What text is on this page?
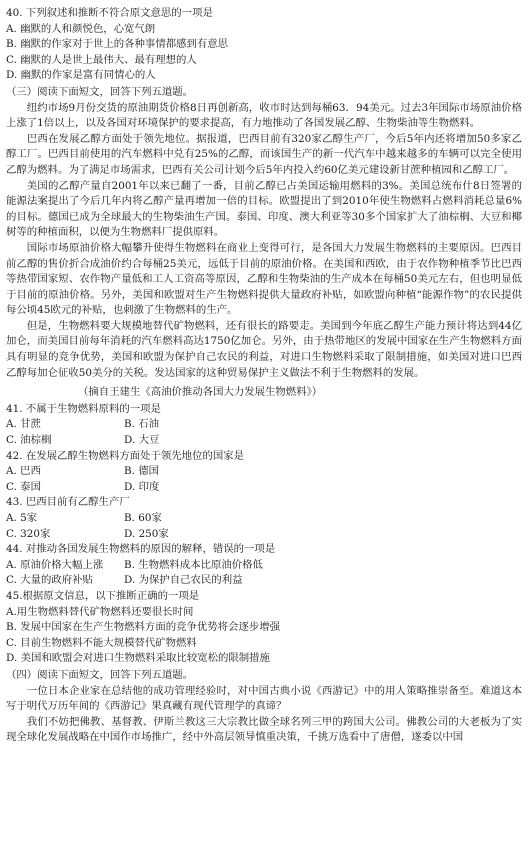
40. 下列叙述和推断不符合原文意思的一项是
A. 幽默的人和颜悦色，心宽气朗
B. 幽默的作家对于世上的各种事情都感到有意思
C. 幽默的人是世上最伟大、最有理想的人
D. 幽默的作家是富有同情心的人
（三）阅读下面短文，回答下列五道题。

纽约市场9月份交货的原油期货价格8日再创新高，收市时达到每桶63．94美元。过去3年国际市场原油价格上涨了1倍以上，以及各国对环境保护的要求提高，有力地推动了各国发展乙醇、生物柴油等生物燃料。

巴西在发展乙醇方面处于领先地位。据报道，巴西目前有320家乙醇生产厂，今后5年内还将增加50多家乙醇工厂。巴西目前使用的汽车燃料中兑有25%的乙醇，而该国生产的新一代汽车中越来越多的车辆可以完全使用乙醇为燃料。为了满足市场需求，巴西有关公司计划今后5年内投入约60亿美元建设新甘蔗种植园和乙醇工厂。

美国的乙醇产量自2001年以来已翻了一番，目前乙醇已占美国运输用燃料的3%。美国总统布什8日签署的能源法案提出了今后几年内将乙醇产量再增加一倍的目标。欧盟提出了到2010年使生物燃料占燃料消耗总量6%的目标。德国已成为全球最大的生物柴油生产国。泰国、印度、澳大利亚等30多个国家扩大了油棕榈、大豆和椰树等的种植面积，以便为生物燃料厂提供原料。

国际市场原油价格大幅攀升使得生物燃料在商业上变得可行，是各国大力发展生物燃料的主要原因。巴西目前乙醇的售价折合成油价约合每桶25美元，远低于目前的原油价格。在美国和西欧，由于农作物种植季节比巴西等热带国家短、农作物产量低和工人工资高等原因，乙醇和生物柴油的生产成本在每桶50美元左右，但也明显低于目前的原油价格。另外，美国和欧盟对生产生物燃料提供大量政府补贴，如欧盟向种植“能源作物”的农民提供每公顷45欧元的补贴，也刺激了生物燃料的生产。

但是，生物燃料要大规模地替代矿物燃料，还有很长的路要走。美国到今年底乙醇生产能力预计将达到44亿加仑，而美国目前每年消耗的汽车燃料高达1750亿加仑。另外，由于热带地区的发展中国家在生产生物燃料方面具有明显的竞争优势，美国和欧盟为保护自己农民的利益，对进口生物燃料采取了限制措施，如美国对进口巴西乙醇每加仑征收50美分的关税。发达国家的这种贸易保护主义做法不利于生物燃料的发展。

（摘自王建生《高油价推动各国大力发展生物燃料》）
41. 不属于生物燃料原料的一项是
A. 甘蔗	B. 石油
C. 油棕榈	D. 大豆
42. 在发展乙醇生物燃料方面处于领先地位的国家是
A. 巴西	B. 德国
C. 泰国	D. 印度
43. 巴西目前有乙醇生产厂
A. 5家	B. 60家
C. 320家	D. 250家
44. 对推动各国发展生物燃料的原因的解释，错误的一项是
A. 原油价格大幅上涨	B. 生物燃料成本比原油价格低
C. 大量的政府补贴	D. 为保护自己农民的利益
45.根据原文信息，以下推断正确的一项是
A.用生物燃料替代矿物燃料还要很长时间
B. 发展中国家在生产生物燃料方面的竞争优势将会逐步增强
C. 目前生物燃料不能大规模替代矿物燃料
D. 美国和欧盟会对进口生物燃料采取比较宽松的限制措施
（四）阅读下面短文，回答下列五道题。

一位日本企业家在总结他的成功管理经验时，对中国古典小说《西游记》中的用人策略推崇备至。难道这本写于明代万历年间的《西游记》果真藏有现代管理学的真谛？

我们不妨把佛教、基督教、伊斯兰教这三大宗教比做全球名列三甲的跨国大公司。佛教公司的大老板为了实现全球化发展战略在中国作市场推广，经中外高层领导慎重决策，千挑万选看中了唐僧，遂委以中国
